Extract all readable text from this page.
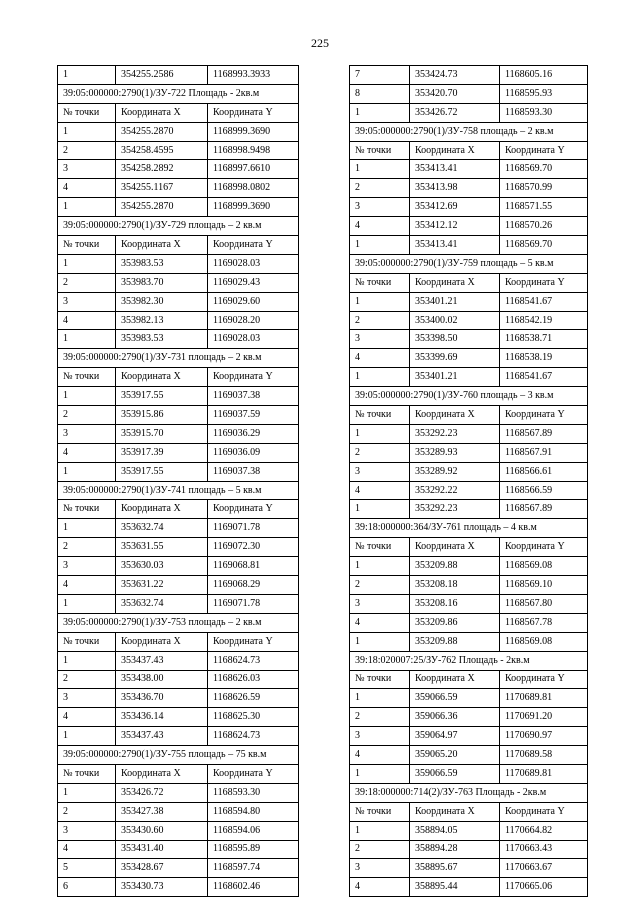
225
1	354255.2586	1168993.3933
39:05:000000:2790(1)/ЗУ-722 Площадь - 2кв.м		
№ точки	Координата X	Координата Y
1	354255.2870	1168999.3690
2	354258.4595	1168998.9498
3	354258.2892	1168997.6610
4	354255.1167	1168998.0802
1	354255.2870	1168999.3690
39:05:000000:2790(1)/ЗУ-729 площадь – 2 кв.м		
№ точки	Координата X	Координата Y
1	353983.53	1169028.03
2	353983.70	1169029.43
3	353982.30	1169029.60
4	353982.13	1169028.20
1	353983.53	1169028.03
39:05:000000:2790(1)/ЗУ-731 площадь – 2 кв.м		
№ точки	Координата X	Координата Y
1	353917.55	1169037.38
2	353915.86	1169037.59
3	353915.70	1169036.29
4	353917.39	1169036.09
1	353917.55	1169037.38
39:05:000000:2790(1)/ЗУ-741 площадь – 5 кв.м		
№ точки	Координата X	Координата Y
1	353632.74	1169071.78
2	353631.55	1169072.30
3	353630.03	1169068.81
4	353631.22	1169068.29
1	353632.74	1169071.78
39:05:000000:2790(1)/ЗУ-753 площадь – 2 кв.м		
№ точки	Координата X	Координата Y
1	353437.43	1168624.73
2	353438.00	1168626.03
3	353436.70	1168626.59
4	353436.14	1168625.30
1	353437.43	1168624.73
39:05:000000:2790(1)/ЗУ-755 площадь – 75 кв.м		
№ точки	Координата X	Координата Y
1	353426.72	1168593.30
2	353427.38	1168594.80
3	353430.60	1168594.06
4	353431.40	1168595.89
5	353428.67	1168597.74
6	353430.73	1168602.46
7	353424.73	1168605.16
8	353420.70	1168595.93
1	353426.72	1168593.30
39:05:000000:2790(1)/ЗУ-758 площадь – 2 кв.м		
№ точки	Координата X	Координата Y
1	353413.41	1168569.70
2	353413.98	1168570.99
3	353412.69	1168571.55
4	353412.12	1168570.26
1	353413.41	1168569.70
39:05:000000:2790(1)/ЗУ-759 площадь – 5 кв.м		
№ точки	Координата X	Координата Y
1	353401.21	1168541.67
2	353400.02	1168542.19
3	353398.50	1168538.71
4	353399.69	1168538.19
1	353401.21	1168541.67
39:05:000000:2790(1)/ЗУ-760 площадь – 3 кв.м		
№ точки	Координата X	Координата Y
1	353292.23	1168567.89
2	353289.93	1168567.91
3	353289.92	1168566.61
4	353292.22	1168566.59
1	353292.23	1168567.89
39:18:000000:364/ЗУ-761 площадь – 4 кв.м		
№ точки	Координата X	Координата Y
1	353209.88	1168569.08
2	353208.18	1168569.10
3	353208.16	1168567.80
4	353209.86	1168567.78
1	353209.88	1168569.08
39:18:020007:25/ЗУ-762 Площадь - 2кв.м		
№ точки	Координата X	Координата Y
1	359066.59	1170689.81
2	359066.36	1170691.20
3	359064.97	1170690.97
4	359065.20	1170689.58
1	359066.59	1170689.81
39:18:000000:714(2)/ЗУ-763 Площадь - 2кв.м		
№ точки	Координата X	Координата Y
1	358894.05	1170664.82
2	358894.28	1170663.43
3	358895.67	1170663.67
4	358895.44	1170665.06
